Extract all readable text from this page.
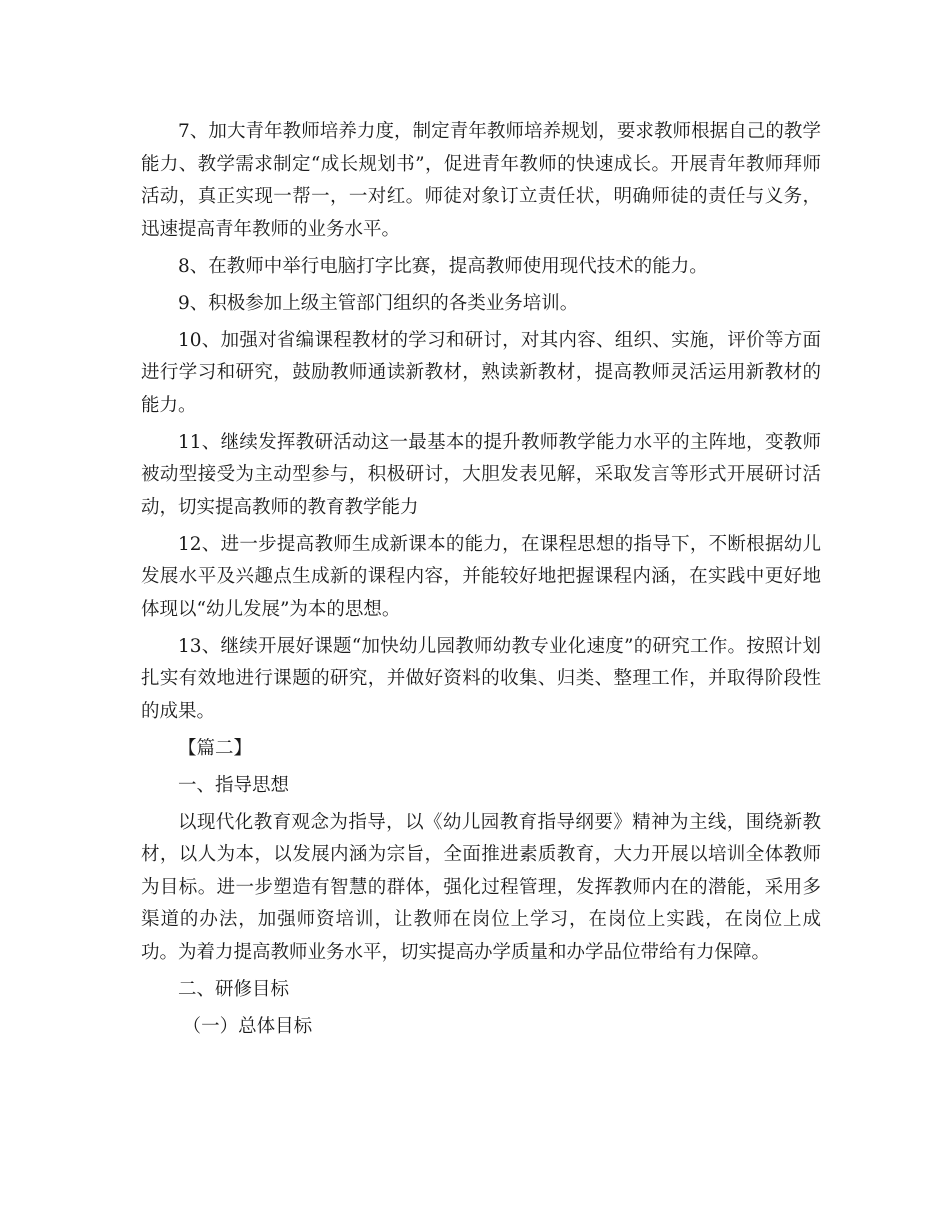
7、加大青年教师培养力度，制定青年教师培养规划，要求教师根据自己的教学能力、教学需求制定“成长规划书”，促进青年教师的快速成长。开展青年教师拜师活动，真正实现一帮一，一对红。师徒对象订立责任状，明确师徒的责任与义务，迅速提高青年教师的业务水平。

8、在教师中举行电脑打字比赛，提高教师使用现代技术的能力。

9、积极参加上级主管部门组织的各类业务培训。

10、加强对省编课程教材的学习和研讨，对其内容、组织、实施，评价等方面进行学习和研究，鼓励教师通读新教材，熟读新教材，提高教师灵活运用新教材的能力。

11、继续发挥教研活动这一最基本的提升教师教学能力水平的主阵地，变教师被动型接受为主动型参与，积极研讨，大胆发表见解，采取发言等形式开展研讨活动，切实提高教师的教育教学能力

12、进一步提高教师生成新课本的能力，在课程思想的指导下，不断根据幼儿发展水平及兴趣点生成新的课程内容，并能较好地把握课程内涵，在实践中更好地体现以“幼儿发展”为本的思想。

13、继续开展好课题“加快幼儿园教师幼教专业化速度”的研究工作。按照计划扎实有效地进行课题的研究，并做好资料的收集、归类、整理工作，并取得阶段性的成果。

【篇二】

一、指导思想

以现代化教育观念为指导，以《幼儿园教育指导纲要》精神为主线，围绕新教材，以人为本，以发展内涵为宗旨，全面推进素质教育，大力开展以培训全体教师为目标。进一步塑造有智慧的群体，强化过程管理，发挥教师内在的潜能，采用多渠道的办法，加强师资培训，让教师在岗位上学习，在岗位上实践，在岗位上成功。为着力提高教师业务水平，切实提高办学质量和办学品位带给有力保障。

二、研修目标

（一）总体目标
